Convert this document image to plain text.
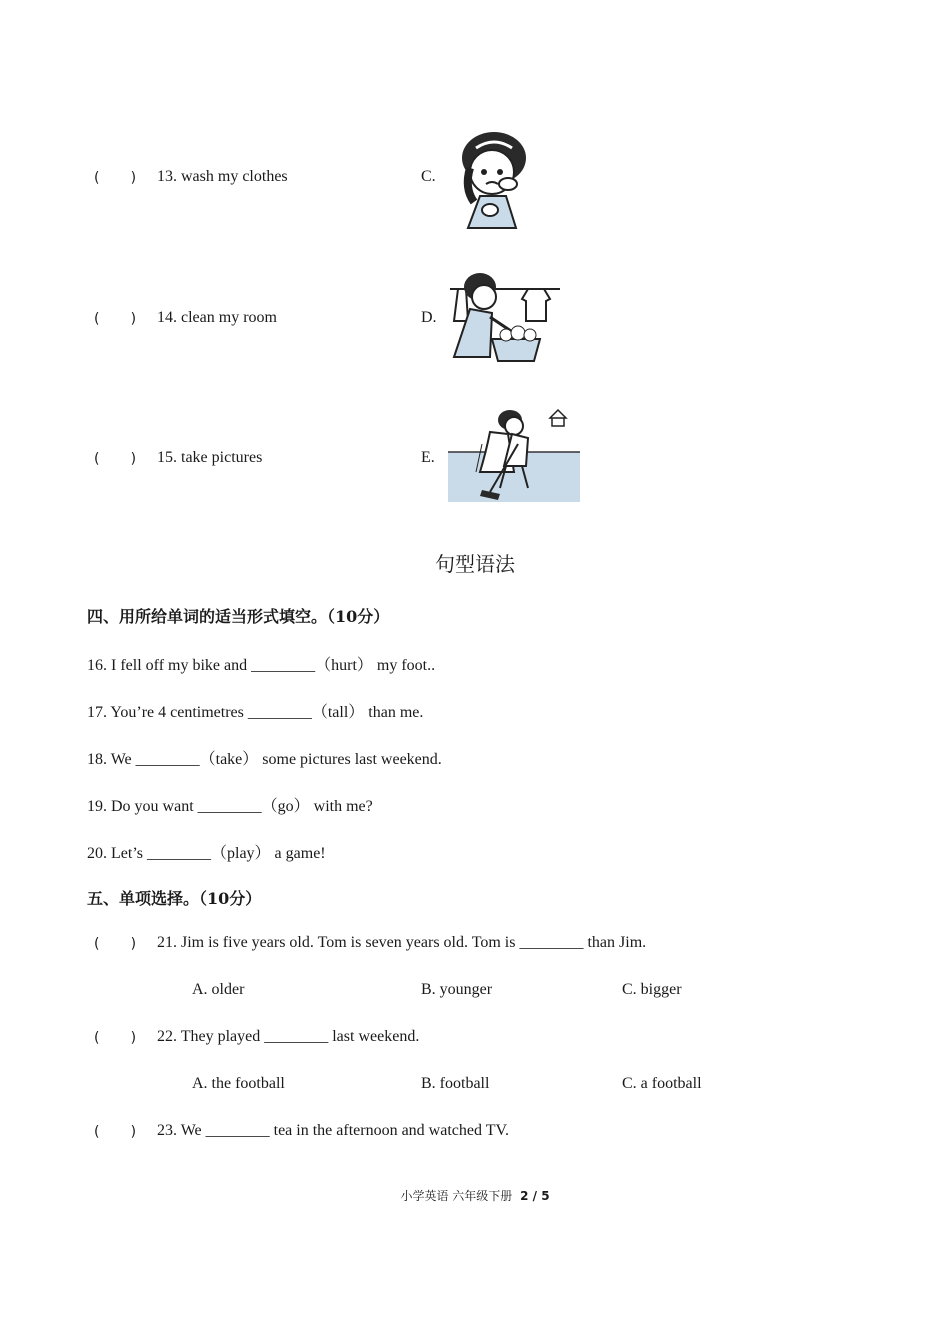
(       ) 13. wash my clothes	C.
(       ) 14. clean my room	D.
(       ) 15. take pictures	E.
句型语法
四、用所给单词的适当形式填空。（10分）
16. I fell off my bike and ________（hurt） my foot..
17. You’re 4 centimetres ________（tall） than me.
18. We ________（take） some pictures last weekend.
19. Do you want ________（go） with me?
20. Let’s ________（play） a game!
五、单项选择。（10分）
(       ) 21. Jim is five years old. Tom is seven years old. Tom is ________ than Jim.
A. older	B. younger	C. bigger
(       ) 22. They played ________ last weekend.
A. the football	B. football	C. a football
(       ) 23. We ________ tea in the afternoon and watched TV.
小学英语 六年级下册 2 / 5
